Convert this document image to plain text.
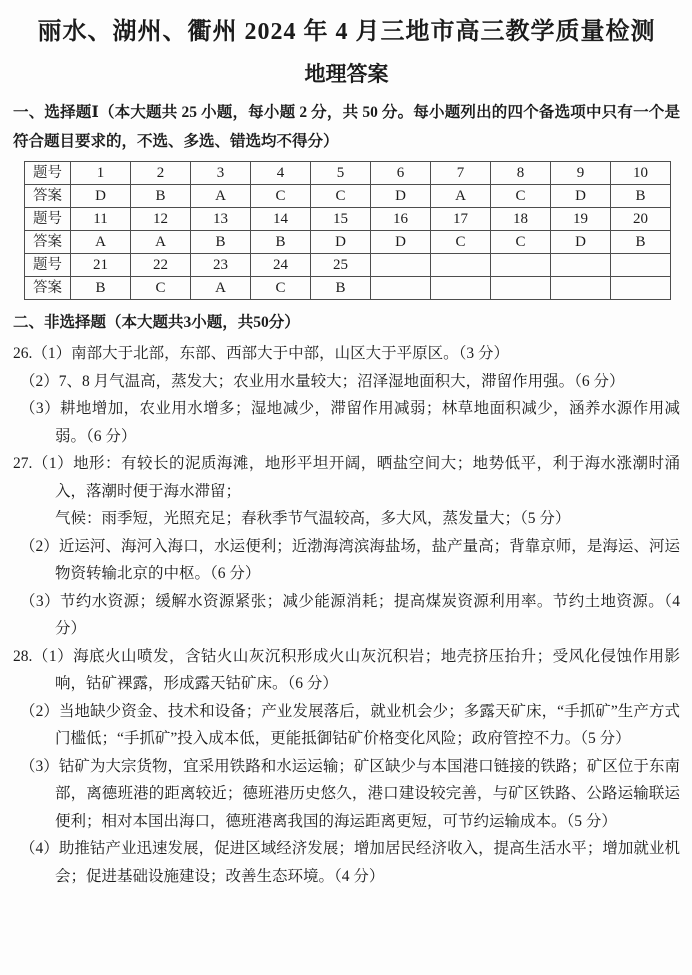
丽水、湖州、衢州 2024 年 4 月三地市高三教学质量检测
地理答案

一、选择题Ⅰ（本大题共 25 小题，每小题 2 分，共 50 分。每小题列出的四个备选项中只有一个是符合题目要求的，不选、多选、错选均不得分）

题号	1	2	3	4	5	6	7	8	9	10
答案	D	B	A	C	C	D	A	C	D	B
题号	11	12	13	14	15	16	17	18	19	20
答案	A	A	B	B	D	D	C	C	D	B
题号	21	22	23	24	25					
答案	B	C	A	C	B					

二、非选择题（本大题共3小题，共50分）

26.（1）南部大于北部，东部、西部大于中部，山区大于平原区。（3 分）

（2）7、8 月气温高，蒸发大；农业用水量较大；沼泽湿地面积大，滞留作用强。（6 分）

（3）耕地增加，农业用水增多；湿地减少，滞留作用减弱；林草地面积减少，涵养水源作用减弱。（6 分）

27.（1）地形：有较长的泥质海滩，地形平坦开阔，晒盐空间大；地势低平，利于海水涨潮时涌入，落潮时便于海水滞留；

气候：雨季短，光照充足；春秋季节气温较高，多大风，蒸发量大；（5 分）

（2）近运河、海河入海口，水运便利；近渤海湾滨海盐场，盐产量高；背靠京师，是海运、河运物资转输北京的中枢。（6 分）

（3）节约水资源；缓解水资源紧张；减少能源消耗；提高煤炭资源利用率。节约土地资源。（4 分）

28.（1）海底火山喷发，含钴火山灰沉积形成火山灰沉积岩；地壳挤压抬升；受风化侵蚀作用影响，钴矿裸露，形成露天钴矿床。（6 分）

（2）当地缺少资金、技术和设备；产业发展落后，就业机会少；多露天矿床，“手抓矿”生产方式门槛低；“手抓矿”投入成本低，更能抵御钴矿价格变化风险；政府管控不力。（5 分）

（3）钴矿为大宗货物，宜采用铁路和水运运输；矿区缺少与本国港口链接的铁路；矿区位于东南部，离德班港的距离较近；德班港历史悠久，港口建设较完善，与矿区铁路、公路运输联运便利；相对本国出海口，德班港离我国的海运距离更短，可节约运输成本。（5 分）

（4）助推钴产业迅速发展，促进区域经济发展；增加居民经济收入，提高生活水平；增加就业机会；促进基础设施建设；改善生态环境。（4 分）
